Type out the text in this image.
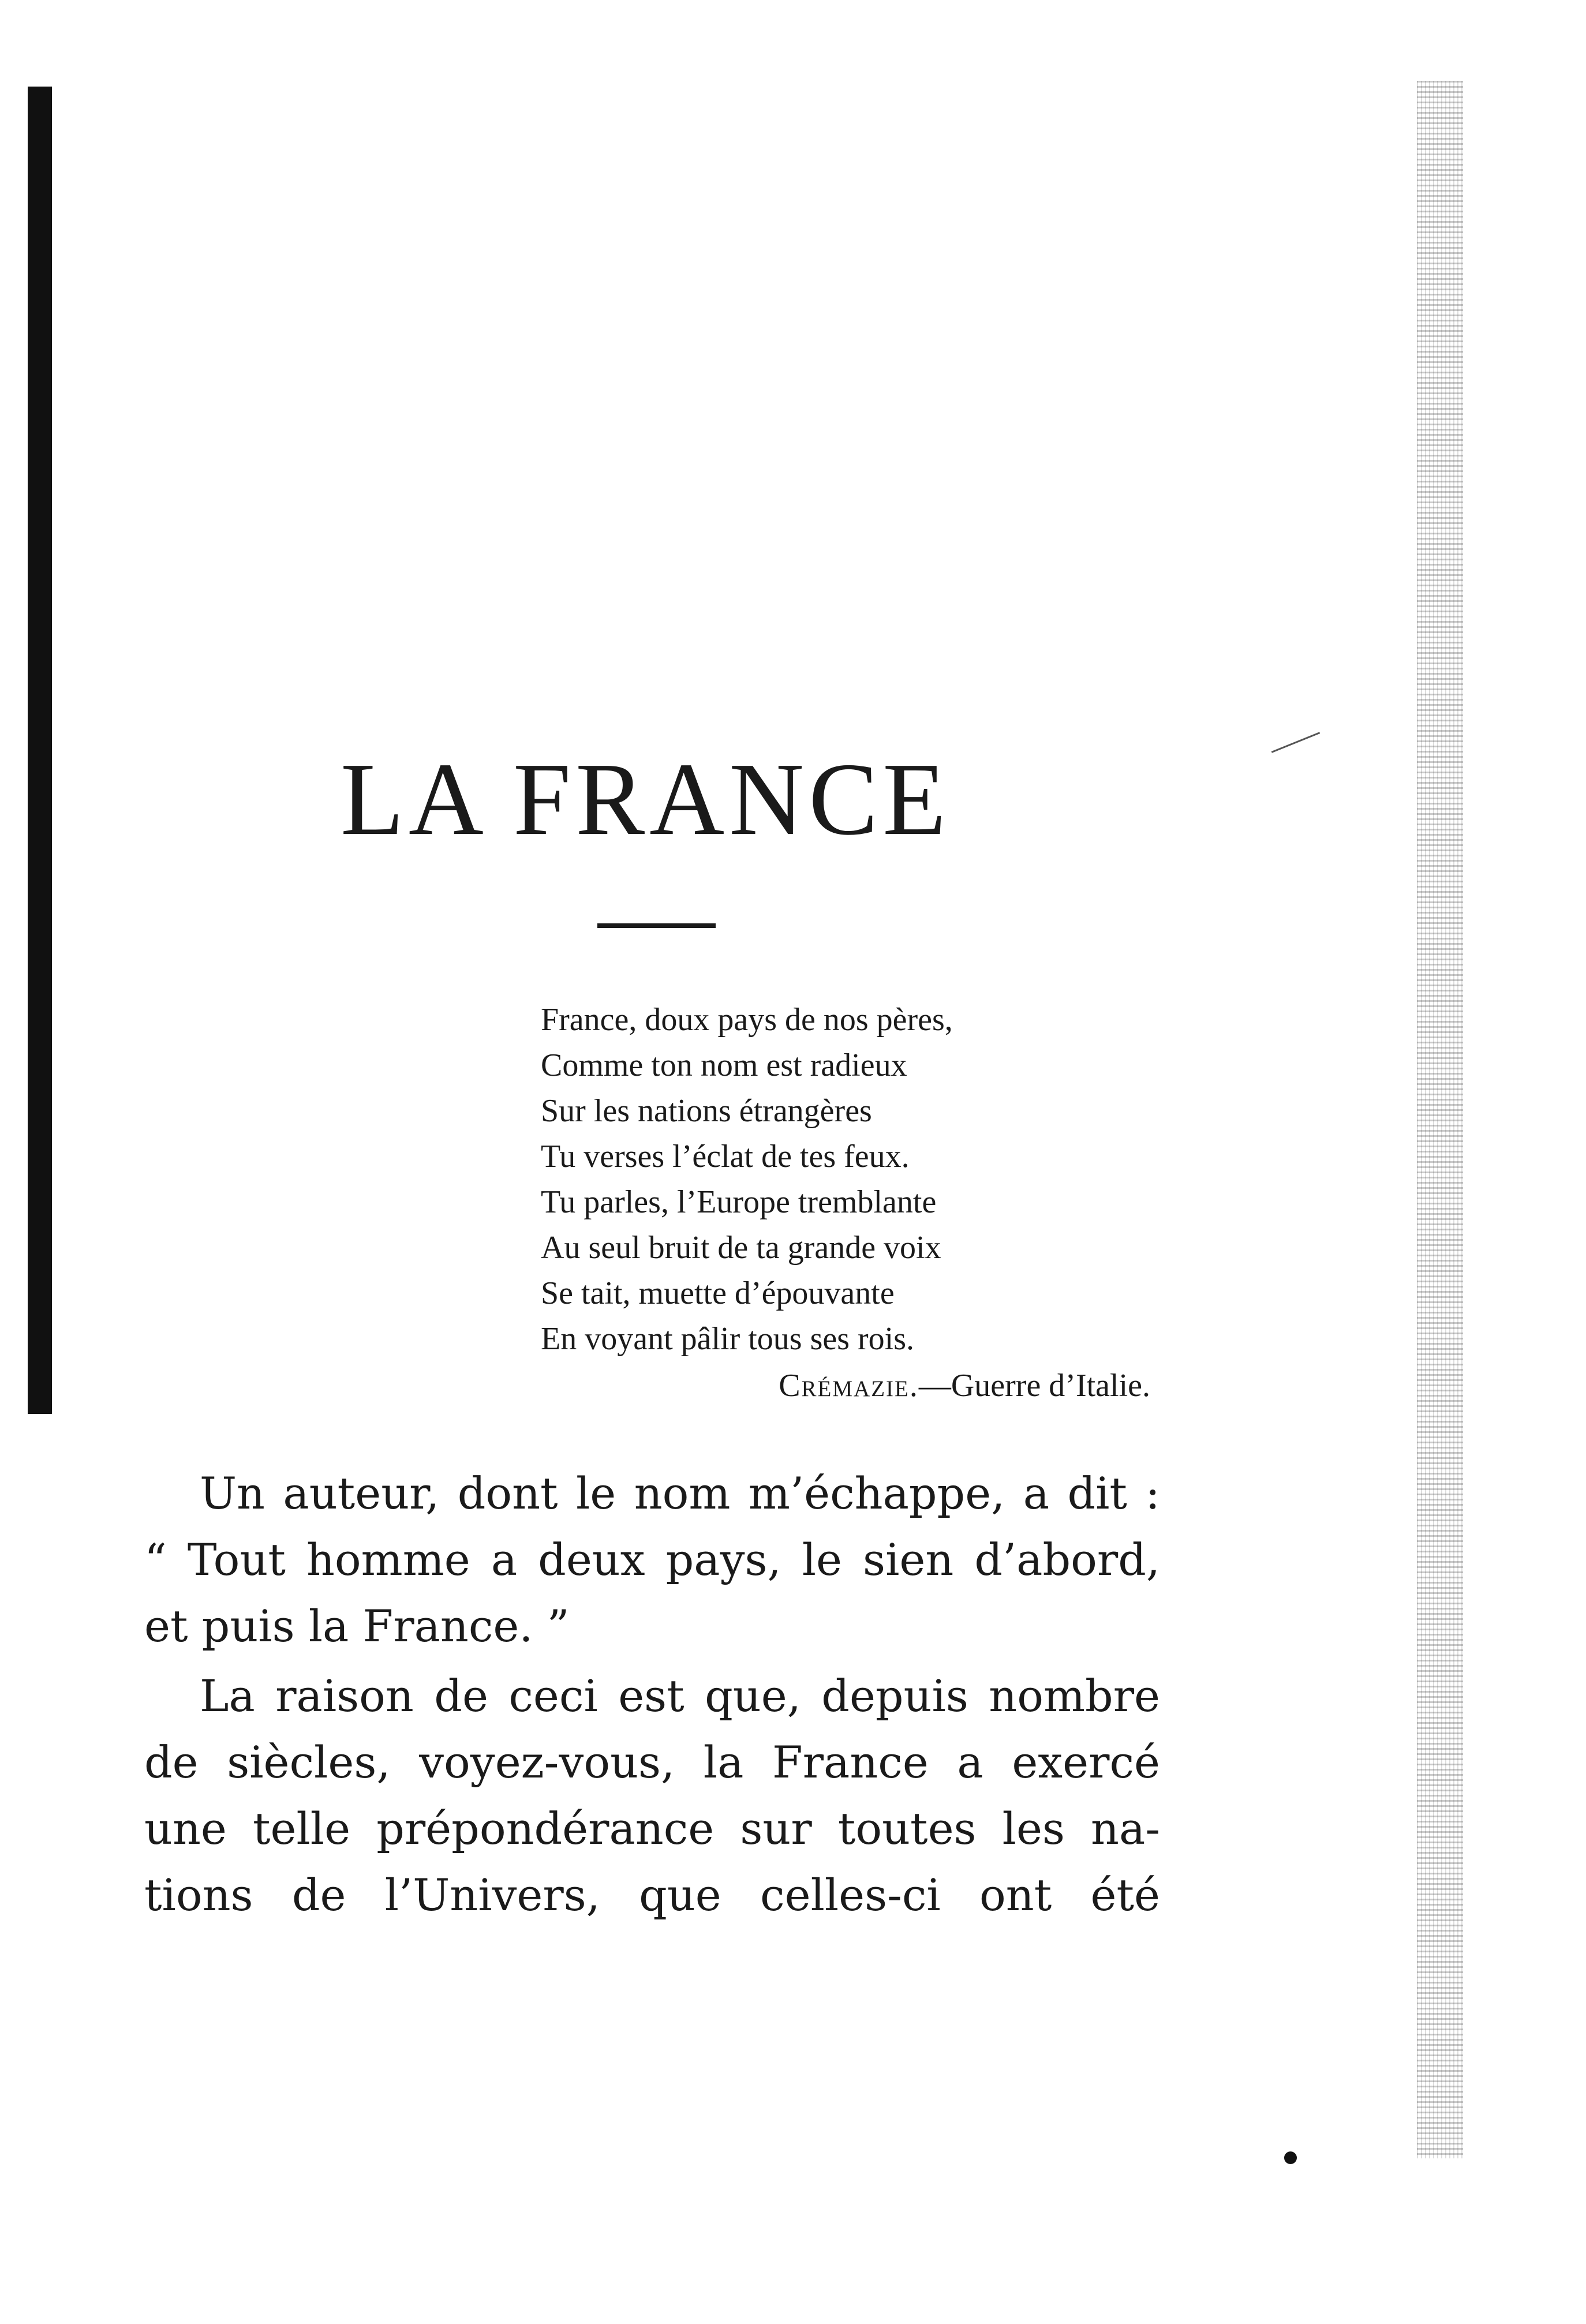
LA FRANCE
France, doux pays de nos pères,
Comme ton nom est radieux
Sur les nations étrangères
Tu verses l’éclat de tes feux.
Tu parles, l’Europe tremblante
Au seul bruit de ta grande voix
Se tait, muette d’épouvante
En voyant pâlir tous ses rois.
Crémazie.—Guerre d’Italie.

Un auteur, dont le nom m’échappe, a dit : “ Tout homme a deux pays, le sien d’abord, et puis la France. ”

La raison de ceci est que, depuis nombre de siècles, voyez-vous, la France a exercé une telle prépondérance sur toutes les na-tions de l’Univers, que celles-ci ont été
